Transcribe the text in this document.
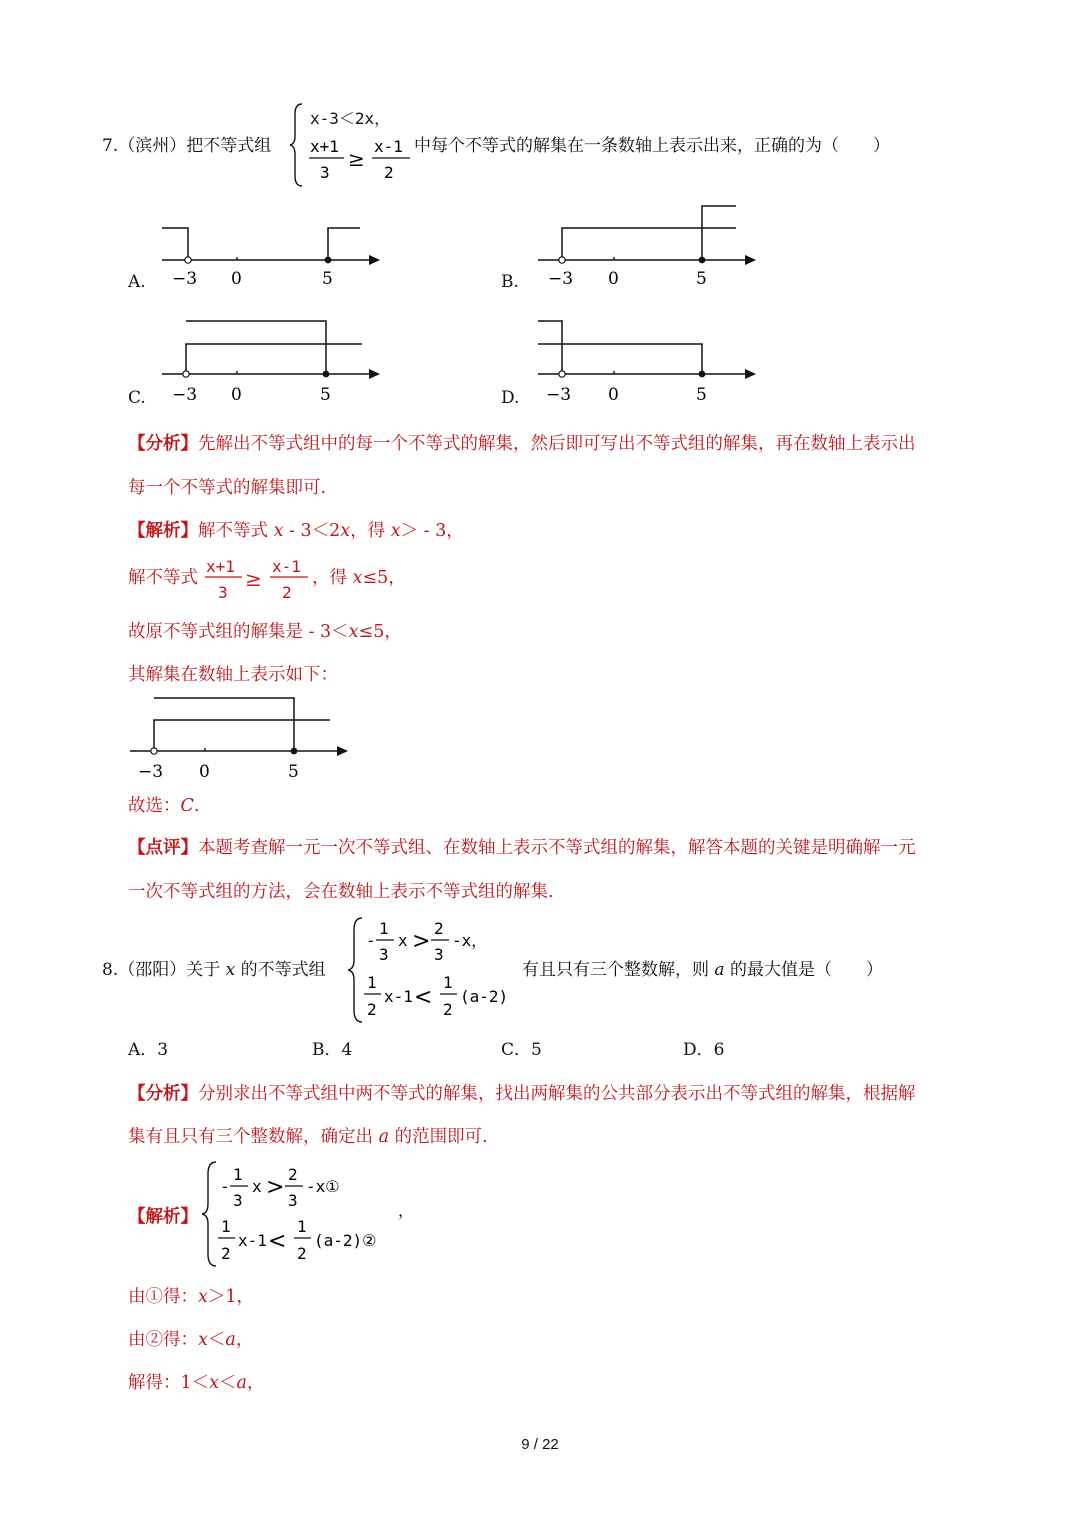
7.（滨州）把不等式组
x-3＜2x，
x+1
3
≥
x-1
2
中每个不等式的解集在一条数轴上表示出来，正确的为（　　）
A. −3 0	5	B. −3 0	5
C. −3 0	5	D. −3 0	5
【分析】先解出不等式组中的每一个不等式的解集，然后即可写出不等式组的解集，再在数轴上表示出
每一个不等式的解集即可.
【解析】解不等式 x - 3＜2x，得 x＞ - 3，
解不等式
x+1
3
≥
x-1
2
，得 x≤5，
故原不等式组的解集是 - 3＜x≤5，
其解集在数轴上表示如下：
−3 0	5
故选：C.
【点评】本题考查解一元一次不等式组、在数轴上表示不等式组的解集，解答本题的关键是明确解一元
一次不等式组的方法，会在数轴上表示不等式组的解集.
8.（邵阳）关于 x 的不等式组
-
1
3
x >
2
3
-x，
1
2
x-1 <
1
2
(a-2)
有且只有三个整数解，则 a 的最大值是（　　）
A．3	B．4	C．5	D．6
【分析】分别求出不等式组中两不等式的解集，找出两解集的公共部分表示出不等式组的解集，根据解
集有且只有三个整数解，确定出 a 的范围即可.
【解析】
-
1
3
x >
2
3
-x①
1
2
x-1 <
1
2
(a-2)②
，
由①得：x＞1，
由②得：x＜a，
解得：1＜x＜a，
9 / 22
